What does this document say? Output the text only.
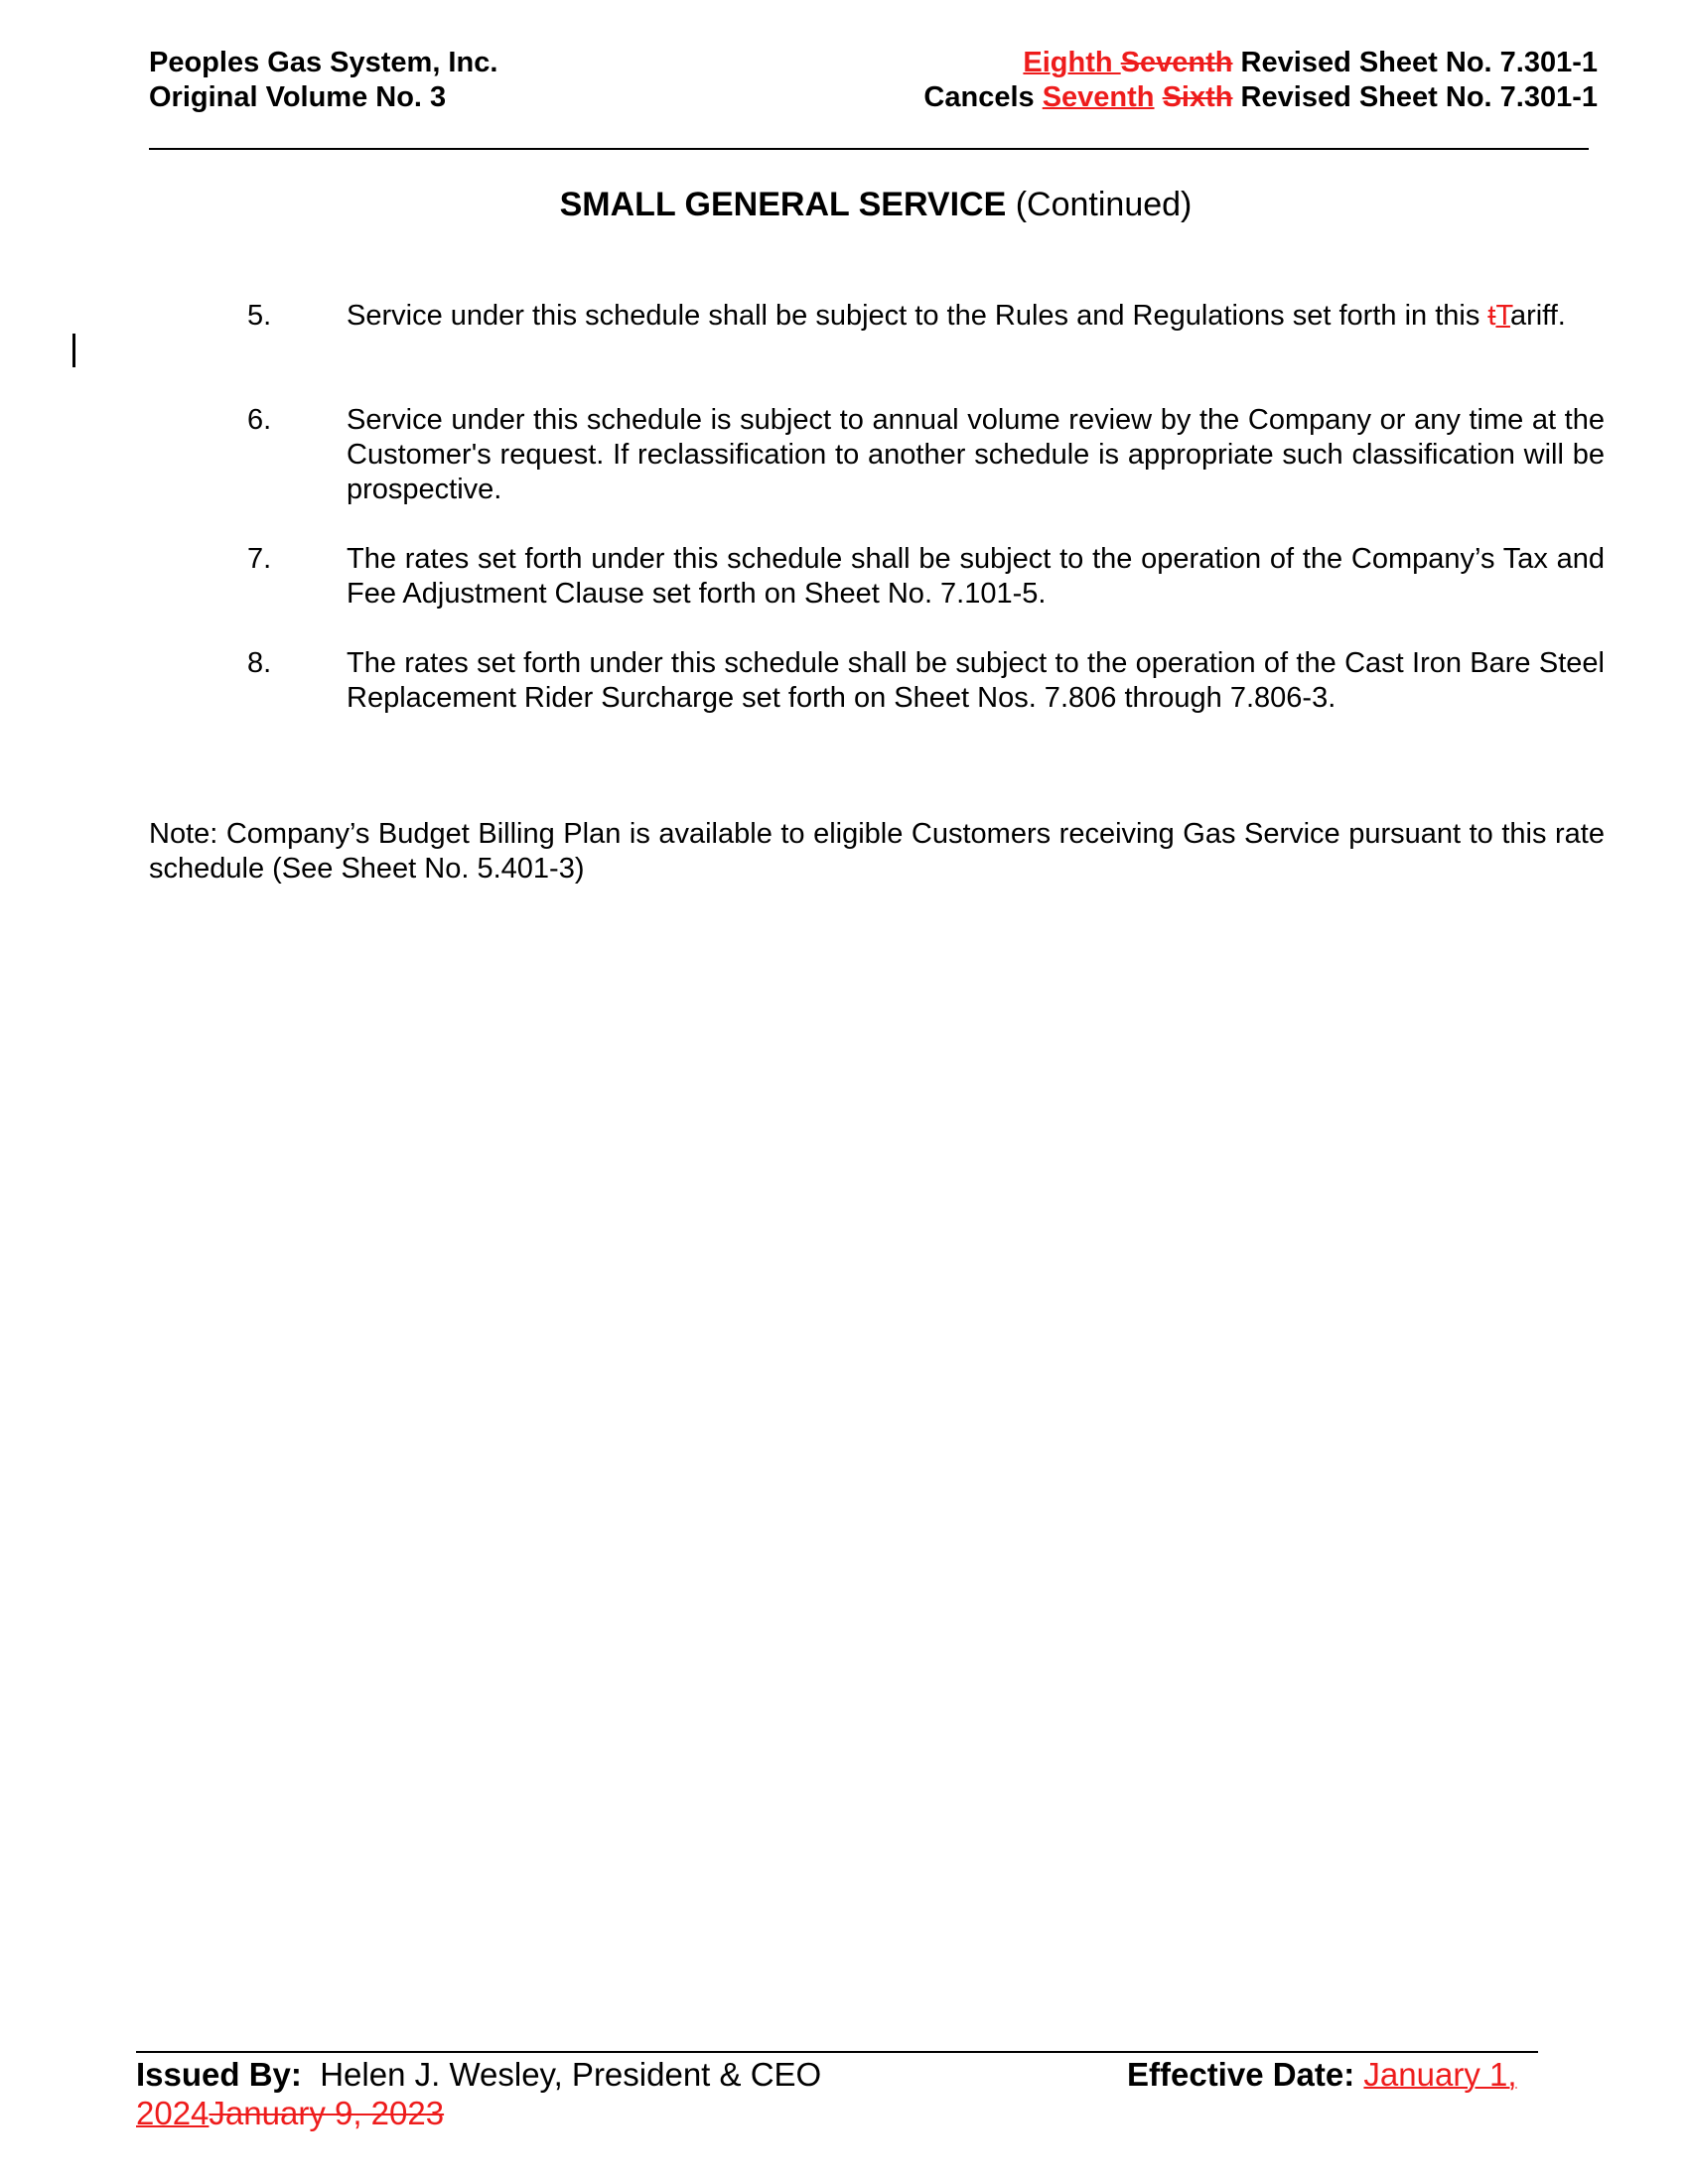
Peoples Gas System, Inc.
Original Volume No. 3
Eighth Seventh Revised Sheet No. 7.301-1
Cancels Seventh Sixth Revised Sheet No. 7.301-1
SMALL GENERAL SERVICE (Continued)
5.	Service under this schedule shall be subject to the Rules and Regulations set forth in this tTariff.
6.	Service under this schedule is subject to annual volume review by the Company or any time at the Customer's request. If reclassification to another schedule is appropriate such classification will be prospective.
7.	The rates set forth under this schedule shall be subject to the operation of the Company’s Tax and Fee Adjustment Clause set forth on Sheet No. 7.101-5.
8.	The rates set forth under this schedule shall be subject to the operation of the Cast Iron Bare Steel Replacement Rider Surcharge set forth on Sheet Nos. 7.806 through 7.806-3.
Note: Company’s Budget Billing Plan is available to eligible Customers receiving Gas Service pursuant to this rate schedule (See Sheet No. 5.401-3)
Issued By:  Helen J. Wesley, President & CEO	Effective Date: January 1,
2024January 9, 2023
